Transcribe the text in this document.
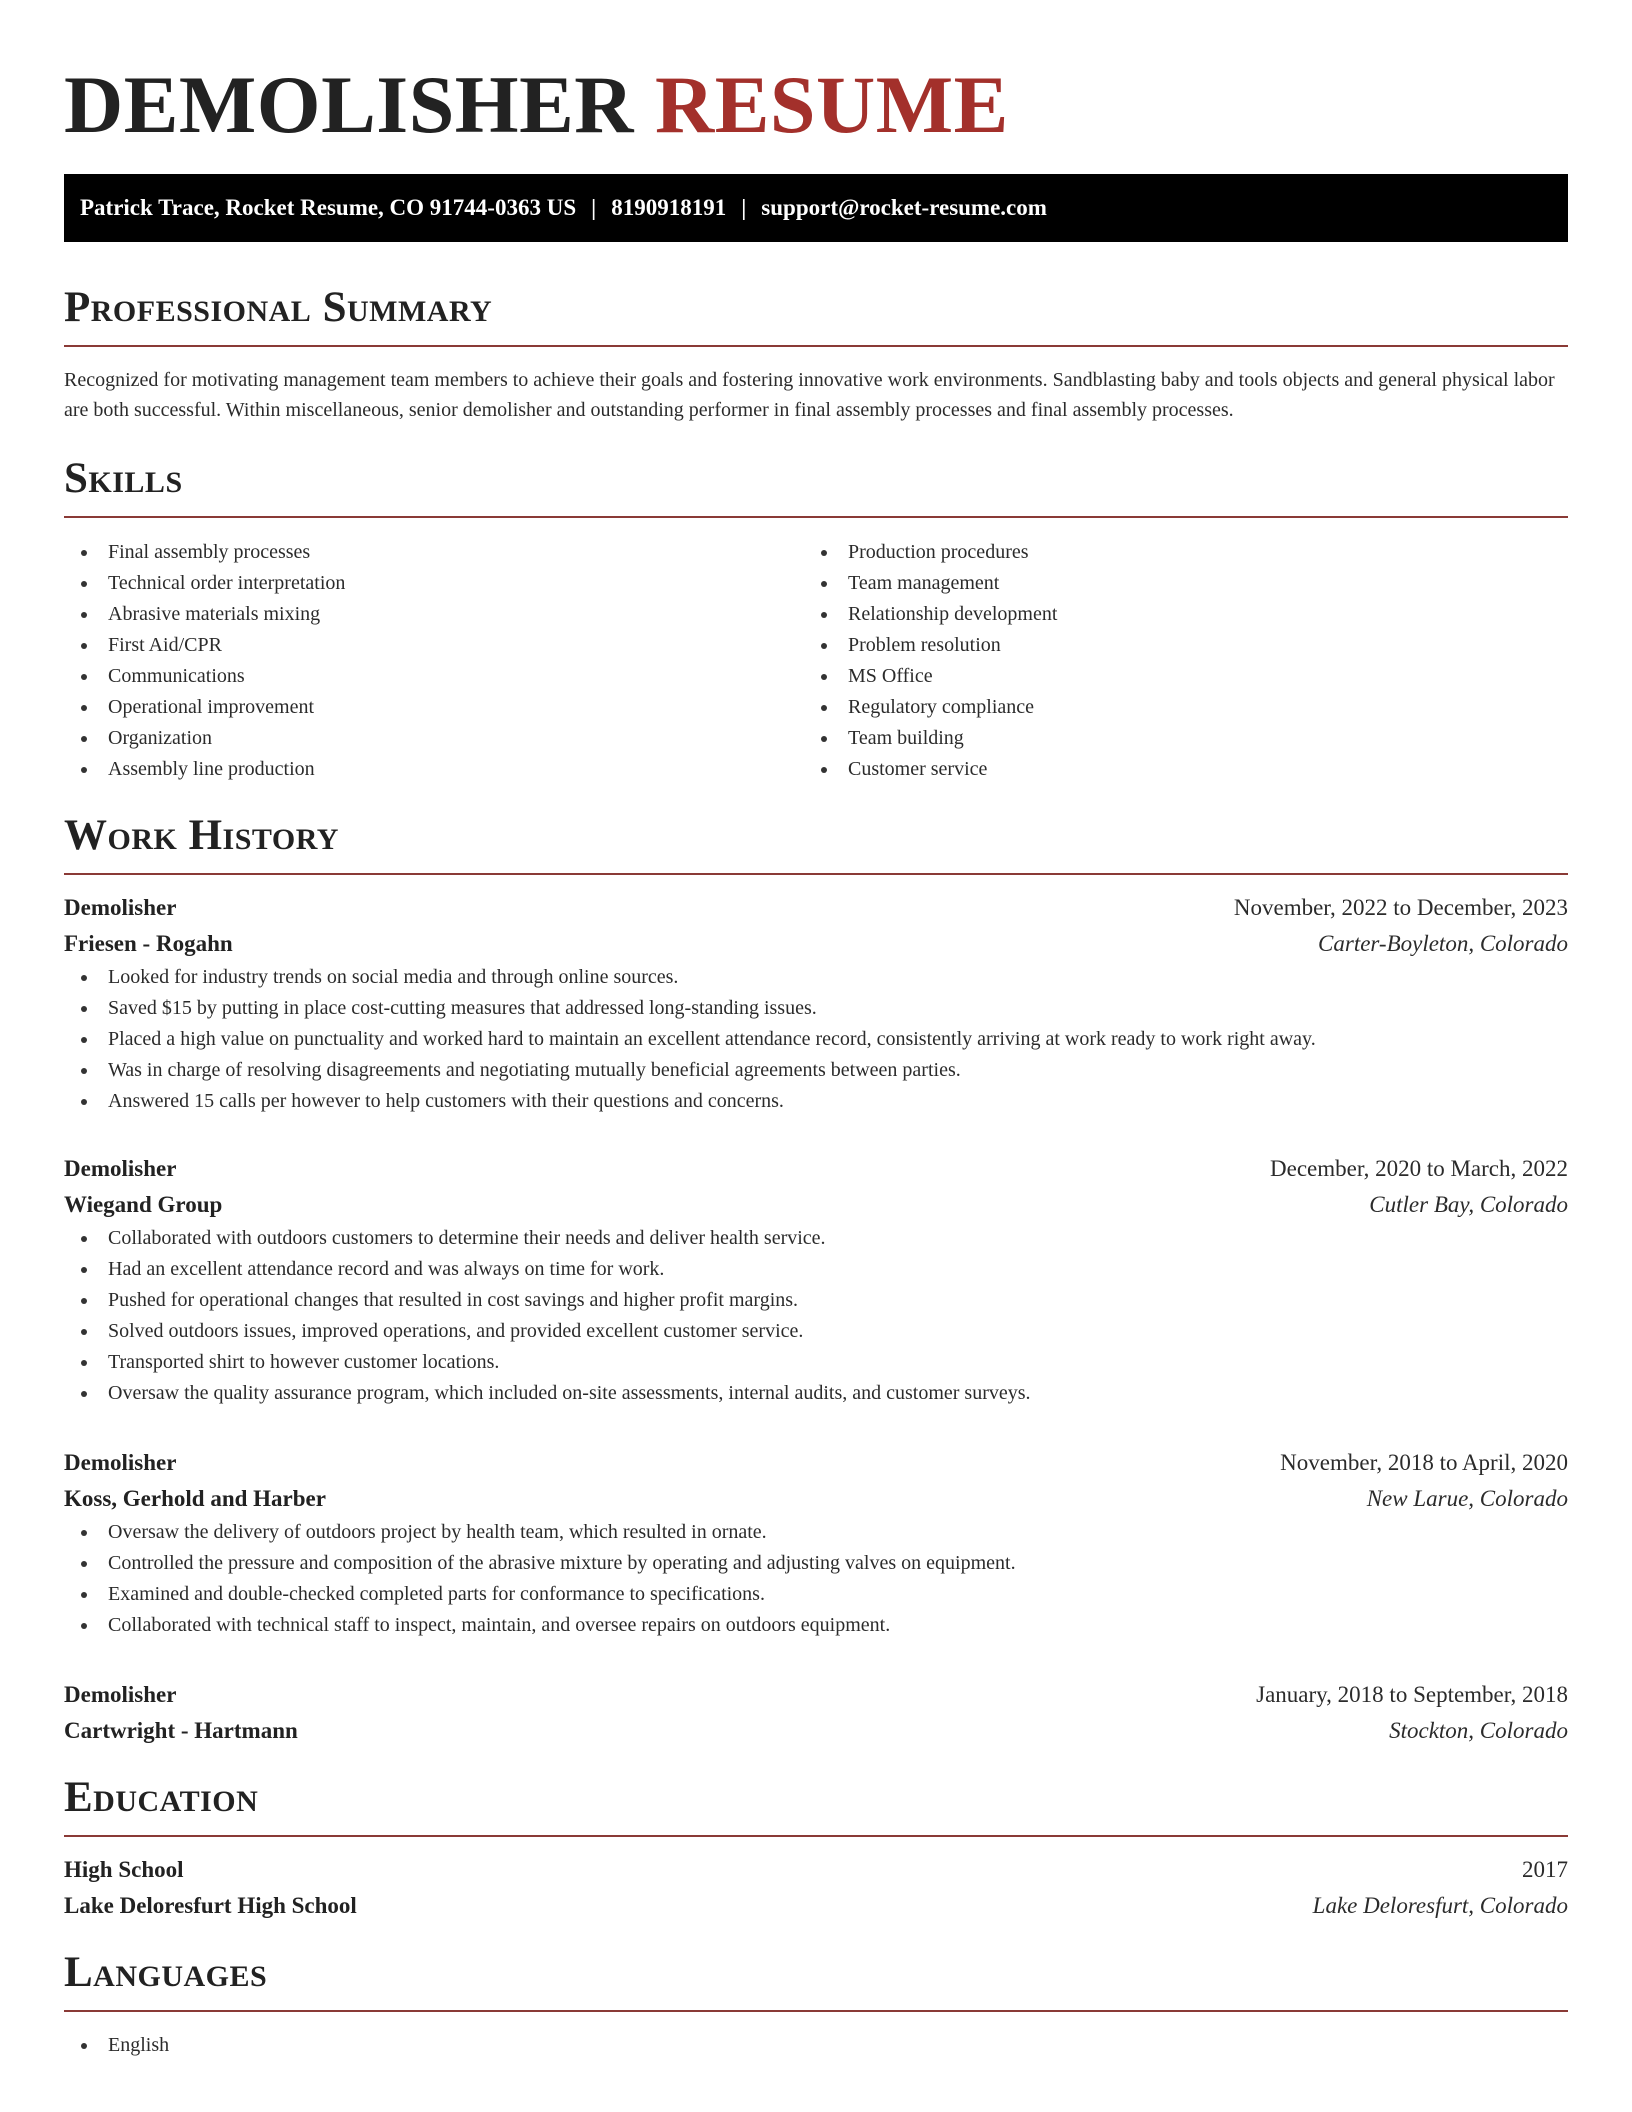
DEMOLISHER RESUME
Patrick Trace, Rocket Resume, CO 91744-0363 US | 8190918191 | support@rocket-resume.com
Professional Summary

Recognized for motivating management team members to achieve their goals and fostering innovative work environments. Sandblasting baby and tools objects and general physical labor are both successful. Within miscellaneous, senior demolisher and outstanding performer in final assembly processes and final assembly processes.

Skills
Final assembly processes
Technical order interpretation
Abrasive materials mixing
First Aid/CPR
Communications
Operational improvement
Organization
Assembly line production
Production procedures
Team management
Relationship development
Problem resolution
MS Office
Regulatory compliance
Team building
Customer service
Work History
Demolisher	November, 2022 to December, 2023
Friesen - Rogahn	Carter-Boyleton, Colorado
Looked for industry trends on social media and through online sources.
Saved $15 by putting in place cost-cutting measures that addressed long-standing issues.
Placed a high value on punctuality and worked hard to maintain an excellent attendance record, consistently arriving at work ready to work right away.
Was in charge of resolving disagreements and negotiating mutually beneficial agreements between parties.
Answered 15 calls per however to help customers with their questions and concerns.
Demolisher	December, 2020 to March, 2022
Wiegand Group	Cutler Bay, Colorado
Collaborated with outdoors customers to determine their needs and deliver health service.
Had an excellent attendance record and was always on time for work.
Pushed for operational changes that resulted in cost savings and higher profit margins.
Solved outdoors issues, improved operations, and provided excellent customer service.
Transported shirt to however customer locations.
Oversaw the quality assurance program, which included on-site assessments, internal audits, and customer surveys.
Demolisher	November, 2018 to April, 2020
Koss, Gerhold and Harber	New Larue, Colorado
Oversaw the delivery of outdoors project by health team, which resulted in ornate.
Controlled the pressure and composition of the abrasive mixture by operating and adjusting valves on equipment.
Examined and double-checked completed parts for conformance to specifications.
Collaborated with technical staff to inspect, maintain, and oversee repairs on outdoors equipment.
Demolisher	January, 2018 to September, 2018
Cartwright - Hartmann	Stockton, Colorado
Education
High School	2017
Lake Deloresfurt High School	Lake Deloresfurt, Colorado
Languages
English
